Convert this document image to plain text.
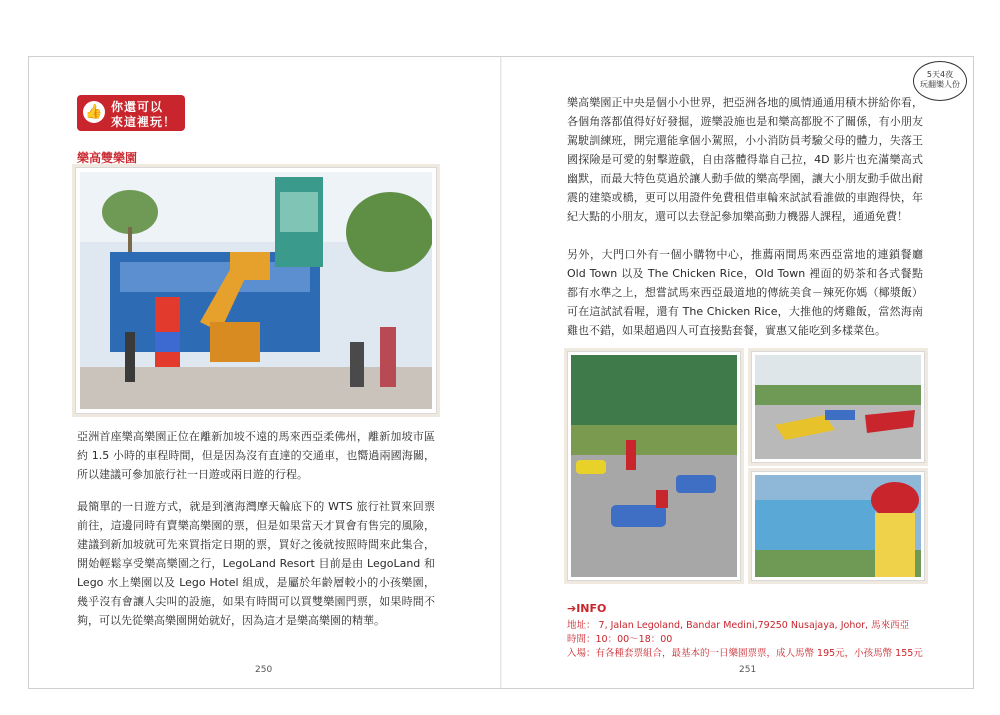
👍 你還可以
來這裡玩！
樂高雙樂園

亞洲首座樂高樂園正位在離新加坡不遠的馬來西亞柔佛州，離新加坡市區約 1.5 小時的車程時間，但是因為沒有直達的交通車，也嚮過兩國海關，所以建議可參加旅行社一日遊或兩日遊的行程。

最簡單的一日遊方式，就是到濱海灣摩天輪底下的 WTS 旅行社買來回票前往，這邊同時有賣樂高樂園的票，但是如果當天才買會有售完的風險，建議到新加坡就可先來買指定日期的票，買好之後就按照時間來此集合，開始輕鬆享受樂高樂園之行，LegoLand Resort 目前是由 LegoLand 和 Lego 水上樂園以及 Lego Hotel 組成，是屬於年齡層較小的小孩樂園，幾乎沒有會讓人尖叫的設施，如果有時間可以買雙樂園門票，如果時間不夠，可以先從樂高樂園開始就好，因為這才是樂高樂園的精華。

250
5天4夜
玩翻樂人份

樂高樂園正中央是個小小世界，把亞洲各地的風情通通用積木拼給你看，各個角落都值得好好發掘，遊樂設施也是和樂高都脫不了關係，有小朋友駕駛訓練班，開完還能拿個小駕照，小小消防員考驗父母的體力，失落王國探險是可愛的射擊遊戲，自由落體得靠自己拉，4D 影片也充滿樂高式幽默，而最大特色莫過於讓人動手做的樂高學園，讓大小朋友動手做出耐震的建築或橋，更可以用證件免費租借車輪來試試看誰做的車跑得快，年紀大點的小朋友，還可以去登記參加樂高動力機器人課程，通通免費！

另外，大門口外有一個小購物中心，推薦兩間馬來西亞當地的連鎖餐廳 Old Town 以及 The Chicken Rice，Old Town 裡面的奶茶和各式餐點都有水準之上，想嘗試馬來西亞最道地的傳統美食－辣死你媽（椰漿飯）可在這試試看喔，還有 The Chicken Rice，大推他的烤雞飯，當然海南雞也不錯，如果超過四人可直接點套餐，實惠又能吃到多樣菜色。

➔INFO

地址： 7, Jalan Legoland, Bandar Medini,79250 Nusajaya, Johor, 馬來西亞

時間：10：00～18：00

入場：有各種套票組合，最基本的一日樂園票票，成人馬幣 195元，小孩馬幣 155元

251
